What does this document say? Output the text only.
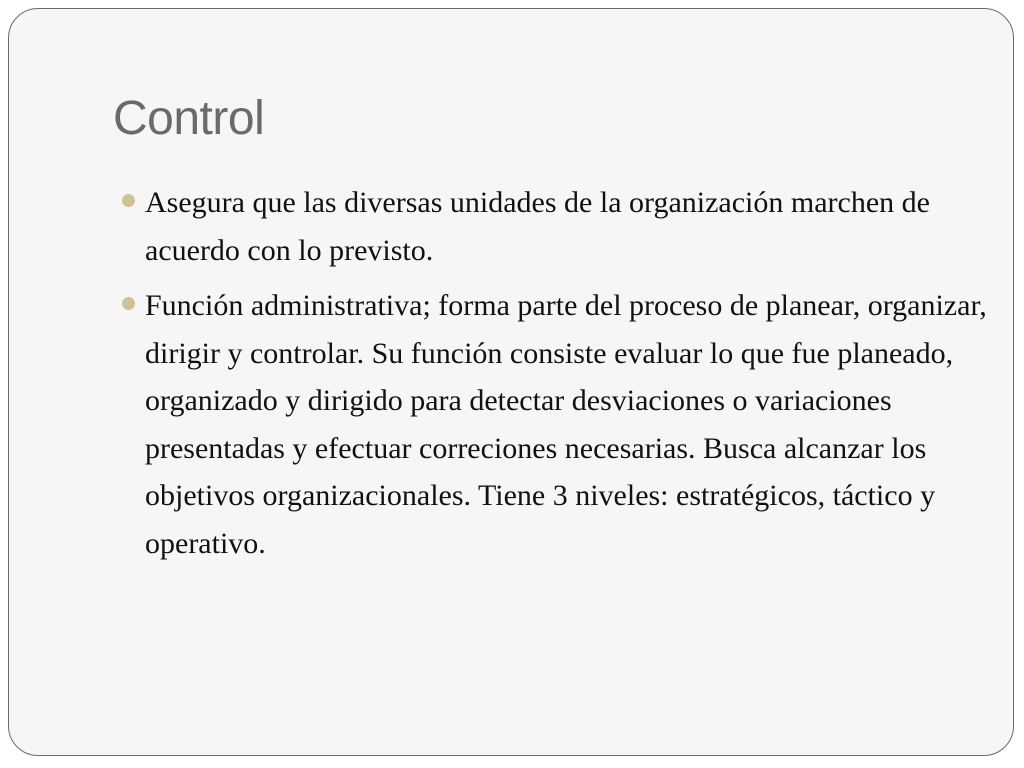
Control
Asegura que las diversas unidades de la organización marchen de acuerdo con lo previsto.
Función administrativa; forma parte del proceso de planear, organizar, dirigir y controlar. Su función consiste evaluar lo que fue planeado, organizado y dirigido para detectar desviaciones o variaciones presentadas y efectuar correciones necesarias. Busca alcanzar los objetivos organizacionales. Tiene 3 niveles: estratégicos, táctico y operativo.
